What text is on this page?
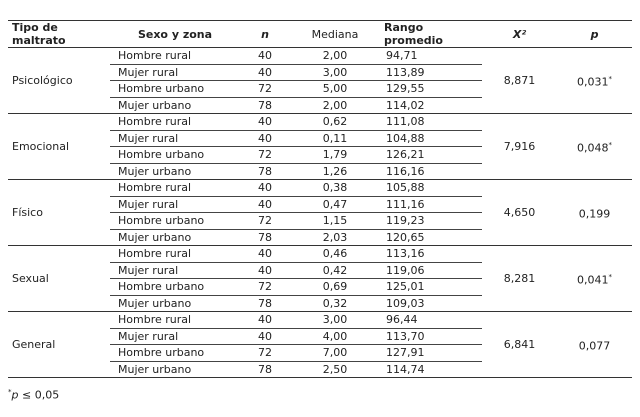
Tipo de maltrato	Sexo y zona	n	Mediana	Rango promedio	X²	p
Psicológico	Hombre rural	40	2,00	94,71	8,871	0,031*
	Mujer rural	40	3,00	113,89		
	Hombre urbano	72	5,00	129,55		
	Mujer urbano	78	2,00	114,02		
Emocional	Hombre rural	40	0,62	111,08	7,916	0,048*
	Mujer rural	40	0,11	104,88		
	Hombre urbano	72	1,79	126,21		
	Mujer urbano	78	1,26	116,16		
Físico	Hombre rural	40	0,38	105,88	4,650	0,199
	Mujer rural	40	0,47	111,16		
	Hombre urbano	72	1,15	119,23		
	Mujer urbano	78	2,03	120,65		
Sexual	Hombre rural	40	0,46	113,16	8,281	0,041*
	Mujer rural	40	0,42	119,06		
	Hombre urbano	72	0,69	125,01		
	Mujer urbano	78	0,32	109,03		
General	Hombre rural	40	3,00	96,44	6,841	0,077
	Mujer rural	40	4,00	113,70		
	Hombre urbano	72	7,00	127,91		
	Mujer urbano	78	2,50	114,74		
*p ≤ 0,05
